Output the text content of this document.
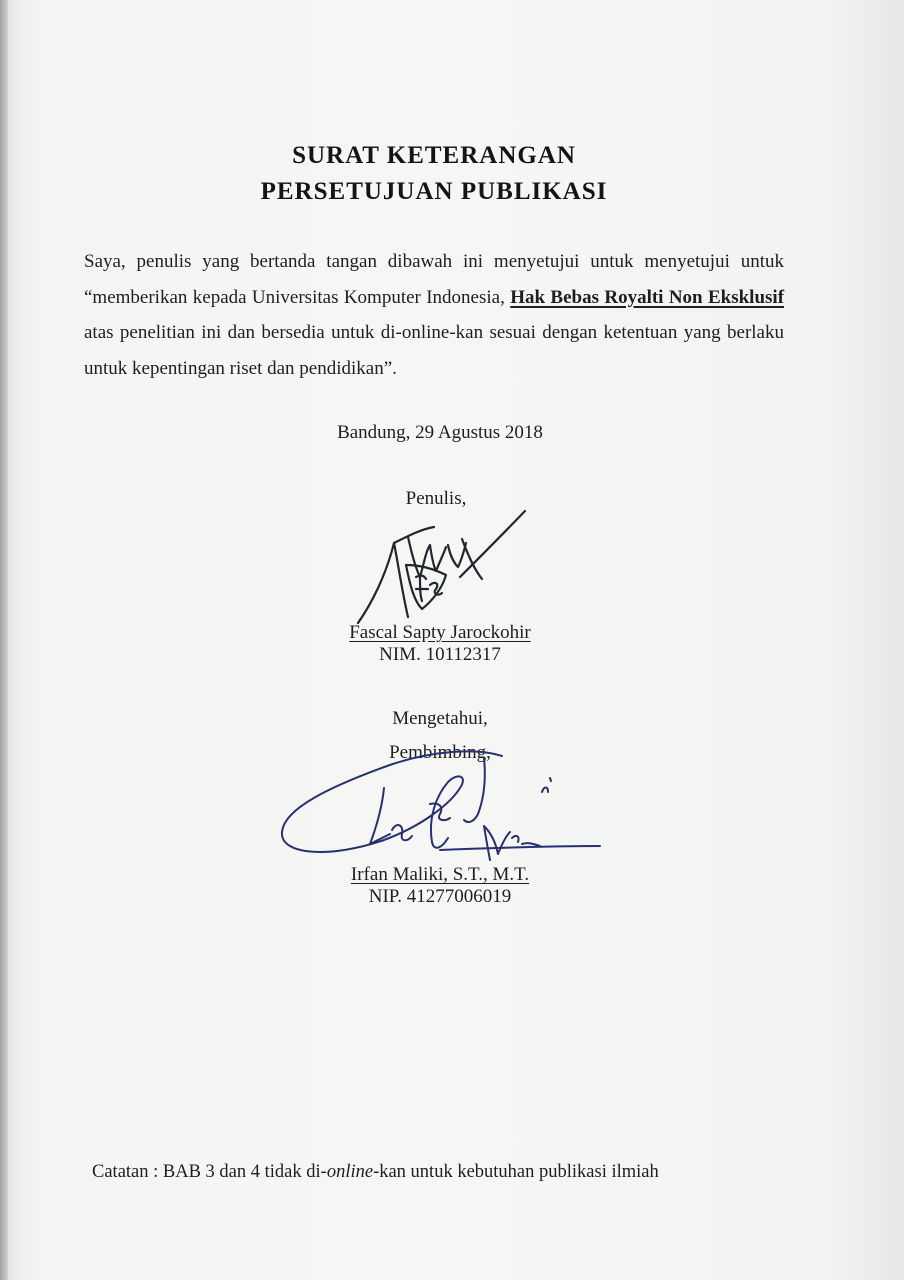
SURAT KETERANGAN
PERSETUJUAN PUBLIKASI
Saya, penulis yang bertanda tangan dibawah ini menyetujui untuk menyetujui untuk “memberikan kepada Universitas Komputer Indonesia, Hak Bebas Royalti Non Eksklusif atas penelitian ini dan bersedia untuk di-online-kan sesuai dengan ketentuan yang berlaku untuk kepentingan riset dan pendidikan”.
Bandung, 29 Agustus 2018
Penulis,
Fascal Sapty Jarockohir
NIM. 10112317
Mengetahui,
Pembimbing,
Irfan Maliki, S.T., M.T.
NIP. 41277006019
Catatan : BAB 3 dan 4 tidak di-online-kan untuk kebutuhan publikasi ilmiah
